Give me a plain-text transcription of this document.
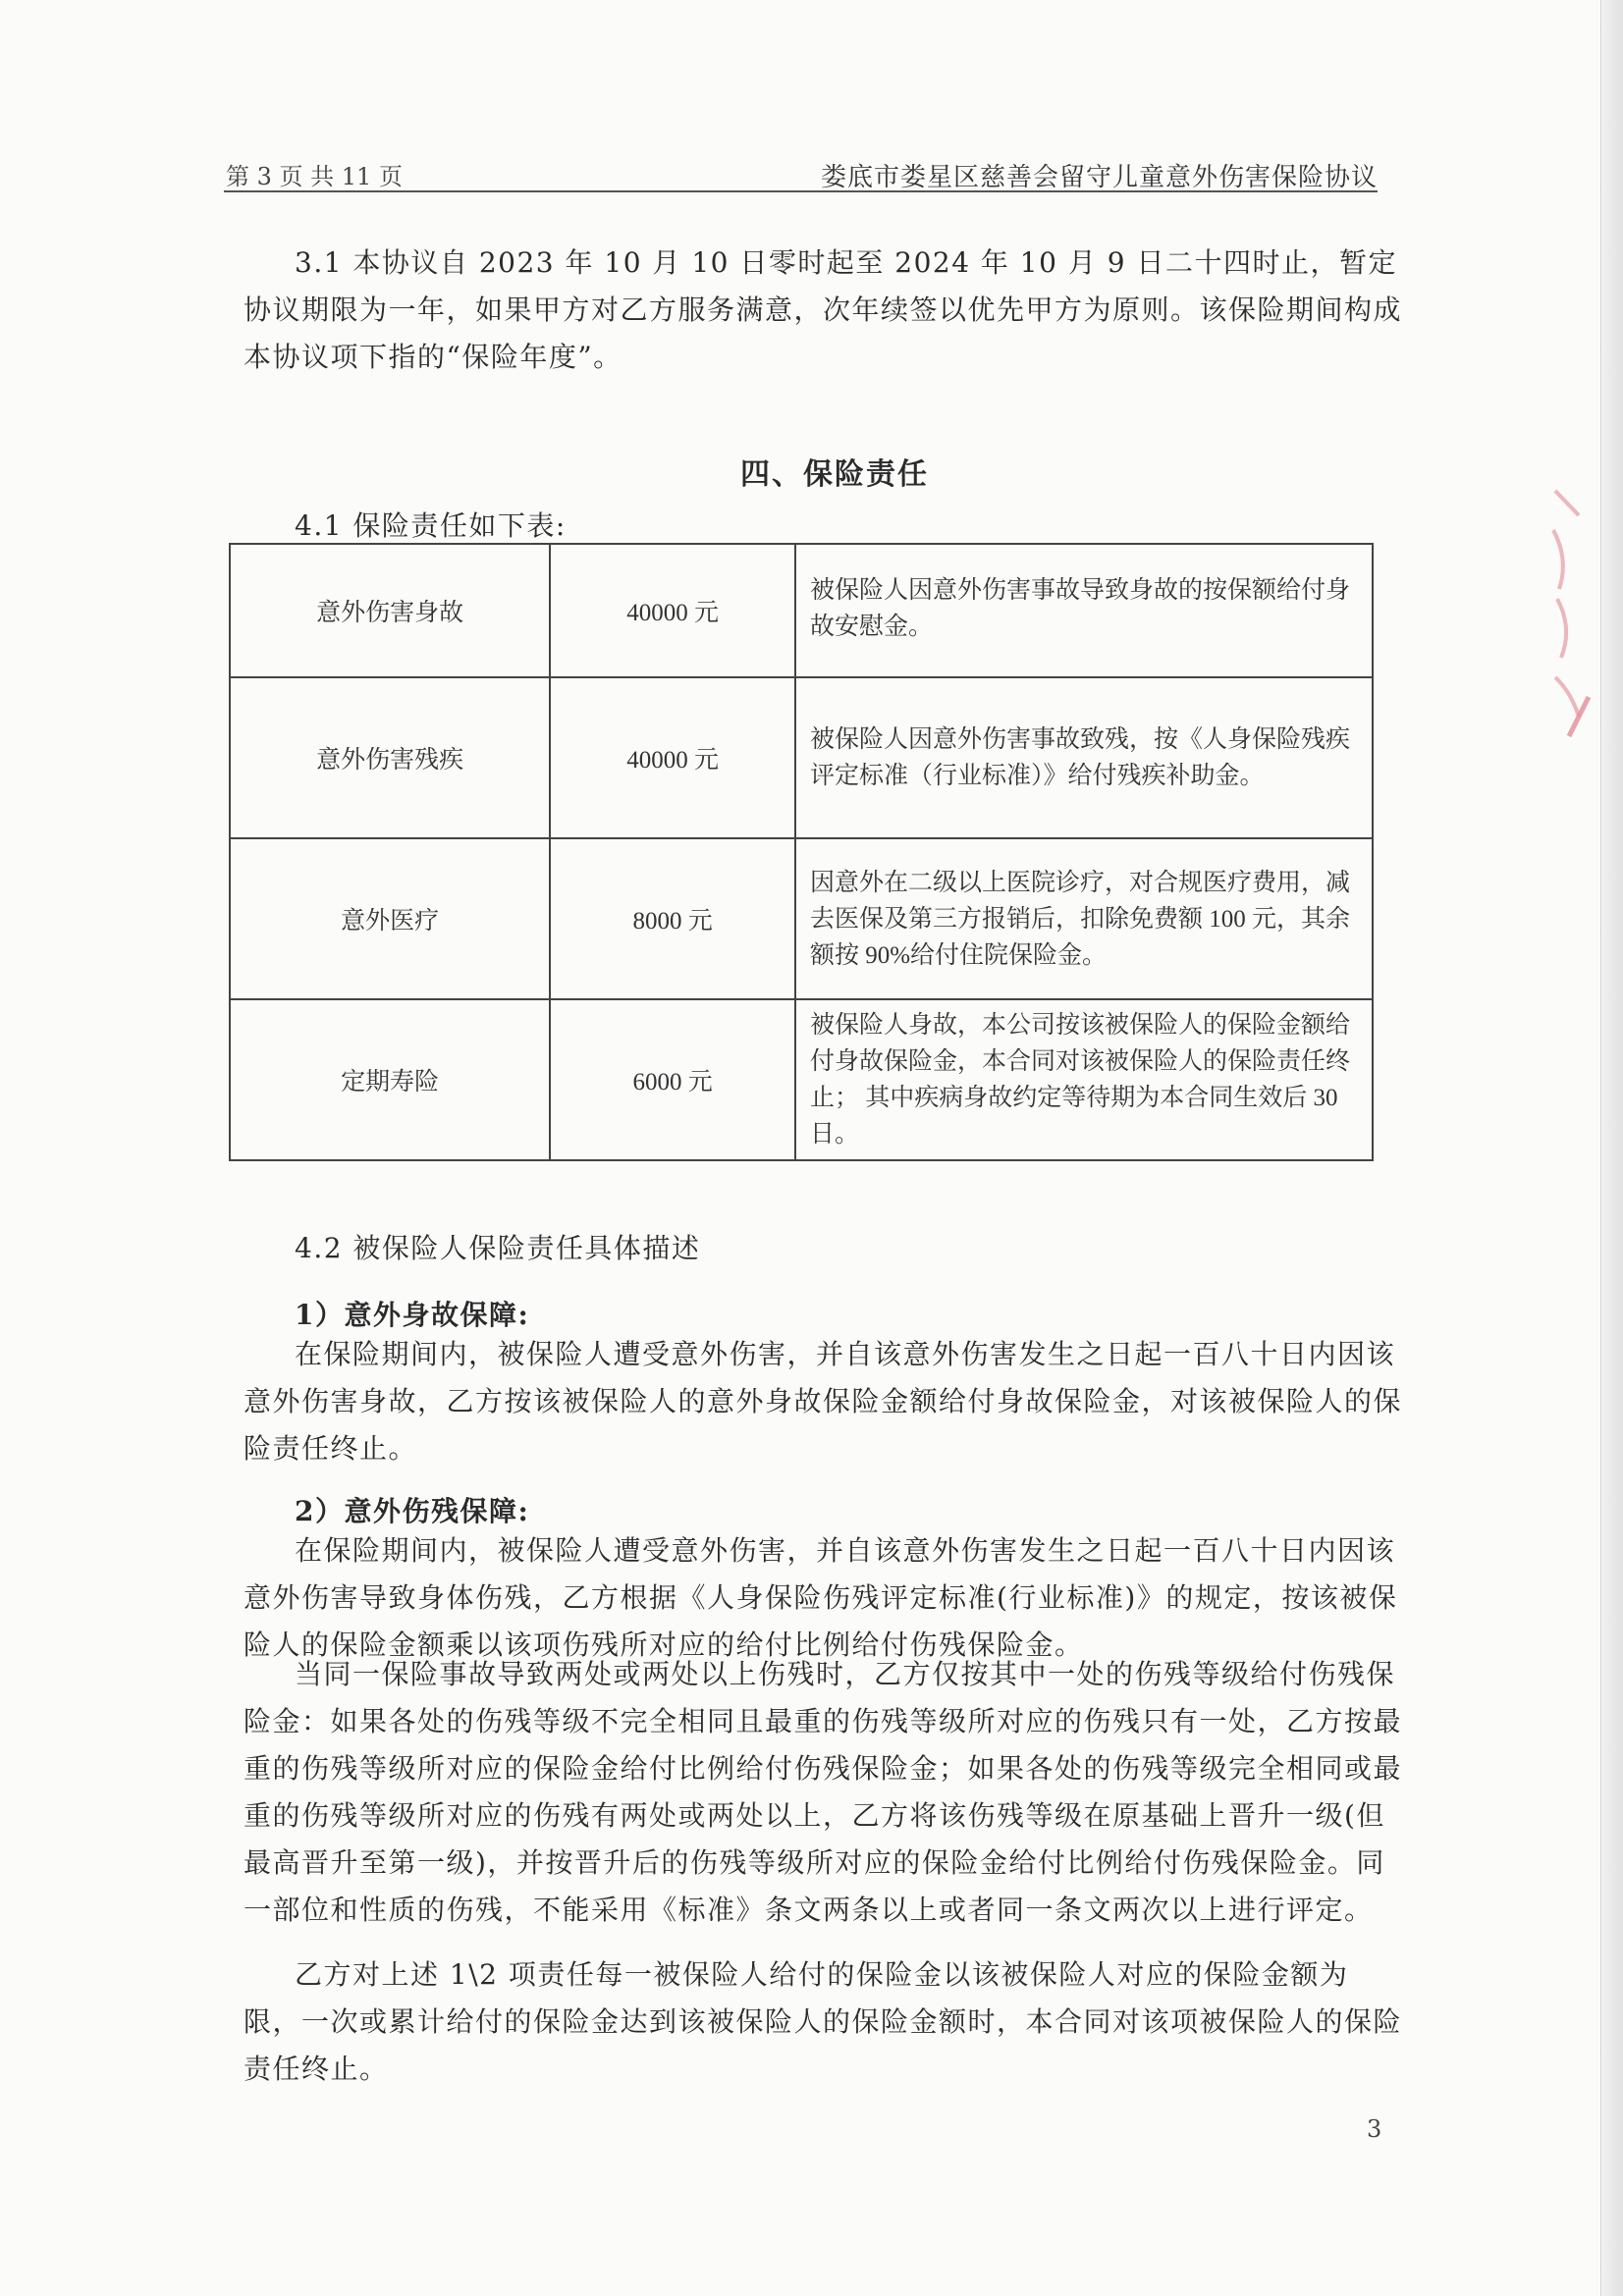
第 3 页 共 11 页	娄底市娄星区慈善会留守儿童意外伤害保险协议

3.1 本协议自 2023 年 10 月 10 日零时起至 2024 年 10 月 9 日二十四时止，暂定协议期限为一年，如果甲方对乙方服务满意，次年续签以优先甲方为原则。该保险期间构成本协议项下指的“保险年度”。

四、保险责任
4.1 保险责任如下表:
意外伤害身故	40000 元	被保险人因意外伤害事故导致身故的按保额给付身故安慰金。
意外伤害残疾	40000 元	被保险人因意外伤害事故致残，按《人身保险残疾评定标准（行业标准）》给付残疾补助金。
意外医疗	8000 元	因意外在二级以上医院诊疗，对合规医疗费用，减去医保及第三方报销后，扣除免费额 100 元，其余额按 90%给付住院保险金。
定期寿险	6000 元	被保险人身故，本公司按该被保险人的保险金额给付身故保险金，本合同对该被保险人的保险责任终止； 其中疾病身故约定等待期为本合同生效后 30 日。
4.2 被保险人保险责任具体描述
1）意外身故保障:

在保险期间内，被保险人遭受意外伤害，并自该意外伤害发生之日起一百八十日内因该意外伤害身故，乙方按该被保险人的意外身故保险金额给付身故保险金，对该被保险人的保险责任终止。

2）意外伤残保障:

在保险期间内，被保险人遭受意外伤害，并自该意外伤害发生之日起一百八十日内因该意外伤害导致身体伤残，乙方根据《人身保险伤残评定标准(行业标准)》的规定，按该被保险人的保险金额乘以该项伤残所对应的给付比例给付伤残保险金。

当同一保险事故导致两处或两处以上伤残时，乙方仅按其中一处的伤残等级给付伤残保险金：如果各处的伤残等级不完全相同且最重的伤残等级所对应的伤残只有一处，乙方按最重的伤残等级所对应的保险金给付比例给付伤残保险金；如果各处的伤残等级完全相同或最重的伤残等级所对应的伤残有两处或两处以上，乙方将该伤残等级在原基础上晋升一级(但最高晋升至第一级)，并按晋升后的伤残等级所对应的保险金给付比例给付伤残保险金。同一部位和性质的伤残，不能采用《标准》条文两条以上或者同一条文两次以上进行评定。

乙方对上述 1\2 项责任每一被保险人给付的保险金以该被保险人对应的保险金额为限，一次或累计给付的保险金达到该被保险人的保险金额时，本合同对该项被保险人的保险责任终止。

3
